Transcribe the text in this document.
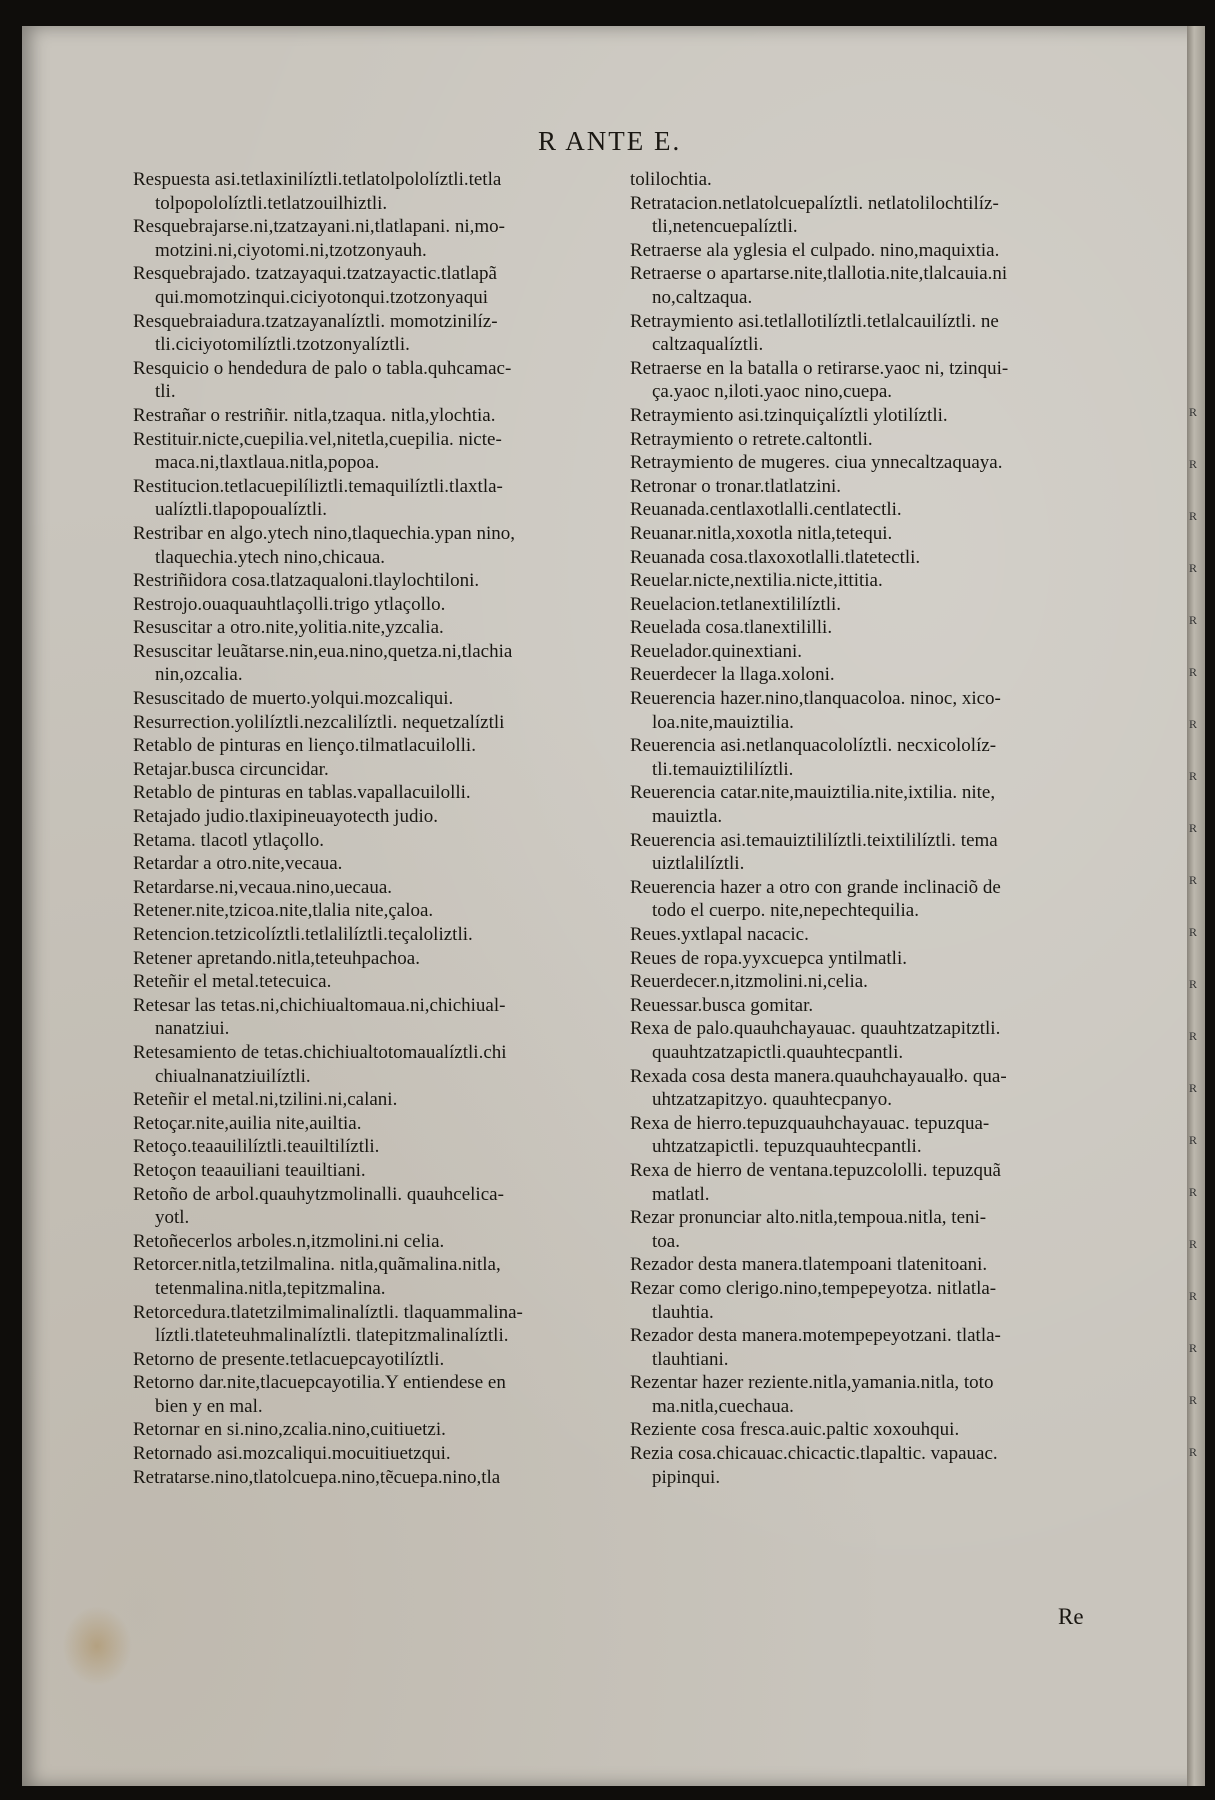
R
R
R
R
R
R
R
R
R
R
R
R
R
R
R
R
R
R
R
R
R
R ANTE E.
Respuesta asi.tetlaxinilíztli.tetlatolpololíztli.tetla
tolpopololíztli.tetlatzouilhiztli.
Resquebrajarse.ni,tzatzayani.ni,tlatlapani. ni,mo-
motzini.ni,ciyotomi.ni,tzotzonyauh.
Resquebrajado. tzatzayaqui.tzatzayactic.tlatlapã
qui.momotzinqui.ciciyotonqui.tzotzonyaqui
Resquebraiadura.tzatzayanalíztli. momotzinilíz-
tli.ciciyotomilíztli.tzotzonyalíztli.
Resquicio o hendedura de palo o tabla.quhcamac-
tli.
Restrañar o restriñir. nitla,tzaqua. nitla,ylochtia.
Restituir.nicte,cuepilia.vel,nitetla,cuepilia. nicte-
maca.ni,tlaxtlaua.nitla,popoa.
Restitucion.tetlacuepilíliztli.temaquilíztli.tlaxtla-
ualíztli.tlapopoualíztli.
Restribar en algo.ytech nino,tlaquechia.ypan nino,
tlaquechia.ytech nino,chicaua.
Restriñidora cosa.tlatzaqualoni.tlaylochtiloni.
Restrojo.ouaquauhtlaçolli.trigo ytlaçollo.
Resuscitar a otro.nite,yolitia.nite,yzcalia.
Resuscitar leuãtarse.nin,eua.nino,quetza.ni,tlachia
nin,ozcalia.
Resuscitado de muerto.yolqui.mozcaliqui.
Resurrection.yolilíztli.nezcalilíztli. nequetzalíztli
Retablo de pinturas en lienço.tilmatlacuilolli.
Retajar.busca circuncidar.
Retablo de pinturas en tablas.vapallacuilolli.
Retajado judio.tlaxipineuayotecth judio.
Retama. tlacotl ytlaçollo.
Retardar a otro.nite,vecaua.
Retardarse.ni,vecaua.nino,uecaua.
Retener.nite,tzicoa.nite,tlalia nite,çaloa.
Retencion.tetzicolíztli.tetlalilíztli.teçaloliztli.
Retener apretando.nitla,teteuhpachoa.
Reteñir el metal.tetecuica.
Retesar las tetas.ni,chichiualtomaua.ni,chichiual-
nanatziui.
Retesamiento de tetas.chichiualtotomaualíztli.chi
chiualnanatziuilíztli.
Reteñir el metal.ni,tzilini.ni,calani.
Retoçar.nite,auilia nite,auiltia.
Retoço.teaauililíztli.teauiltilíztli.
Retoçon teaauiliani teauiltiani.
Retoño de arbol.quauhytzmolinalli. quauhcelica-
yotl.
Retoñecerlos arboles.n,itzmolini.ni celia.
Retorcer.nitla,tetzilmalina. nitla,quãmalina.nitla,
tetenmalina.nitla,tepitzmalina.
Retorcedura.tlatetzilmimalinalíztli. tlaquammalina-
líztli.tlateteuhmalinalíztli. tlatepitzmalinalíztli.
Retorno de presente.tetlacuepcayotilíztli.
Retorno dar.nite,tlacuepcayotilia.Y entiendese en
bien y en mal.
Retornar en si.nino,zcalia.nino,cuitiuetzi.
Retornado asi.mozcaliqui.mocuitiuetzqui.
Retratarse.nino,tlatolcuepa.nino,tẽcuepa.nino,tla
tolilochtia.
Retratacion.netlatolcuepalíztli. netlatolilochtilíz-
tli,netencuepalíztli.
Retraerse ala yglesia el culpado. nino,maquixtia.
Retraerse o apartarse.nite,tlallotia.nite,tlalcauia.ni
no,caltzaqua.
Retraymiento asi.tetlallotilíztli.tetlalcauilíztli. ne
caltzaqualíztli.
Retraerse en la batalla o retirarse.yaoc ni, tzinqui-
ça.yaoc n,iloti.yaoc nino,cuepa.
Retraymiento asi.tzinquiçalíztli ylotilíztli.
Retraymiento o retrete.caltontli.
Retraymiento de mugeres. ciua ynnecaltzaquaya.
Retronar o tronar.tlatlatzini.
Reuanada.centlaxotlalli.centlatectli.
Reuanar.nitla,xoxotla nitla,tetequi.
Reuanada cosa.tlaxoxotlalli.tlatetectli.
Reuelar.nicte,nextilia.nicte,ittitia.
Reuelacion.tetlanextililíztli.
Reuelada cosa.tlanextililli.
Reuelador.quinextiani.
Reuerdecer la llaga.xoloni.
Reuerencia hazer.nino,tlanquacoloa. ninoc, xico-
loa.nite,mauiztilia.
Reuerencia asi.netlanquacololíztli. necxicololíz-
tli.temauiztililíztli.
Reuerencia catar.nite,mauiztilia.nite,ixtilia. nite,
mauiztla.
Reuerencia asi.temauiztililíztli.teixtililíztli. tema
uiztlalilíztli.
Reuerencia hazer a otro con grande inclinaciõ de
todo el cuerpo. nite,nepechtequilia.
Reues.yxtlapal nacacic.
Reues de ropa.yyxcuepca yntilmatli.
Reuerdecer.n,itzmolini.ni,celia.
Reuessar.busca gomitar.
Rexa de palo.quauhchayauac. quauhtzatzapitztli.
quauhtzatzapictli.quauhtecpantli.
Rexada cosa desta manera.quauhchayaualło. qua-
uhtzatzapitzyo. quauhtecpanyo.
Rexa de hierro.tepuzquauhchayauac. tepuzqua-
uhtzatzapictli. tepuzquauhtecpantli.
Rexa de hierro de ventana.tepuzcololli. tepuzquã
matlatl.
Rezar pronunciar alto.nitla,tempoua.nitla, teni-
toa.
Rezador desta manera.tlatempoani tlatenitoani.
Rezar como clerigo.nino,tempepeyotza. nitlatla-
tlauhtia.
Rezador desta manera.motempepeyotzani. tlatla-
tlauhtiani.
Rezentar hazer reziente.nitla,yamania.nitla, toto
ma.nitla,cuechaua.
Reziente cosa fresca.auic.paltic xoxouhqui.
Rezia cosa.chicauac.chicactic.tlapaltic. vapauac.
pipinqui.
Re
